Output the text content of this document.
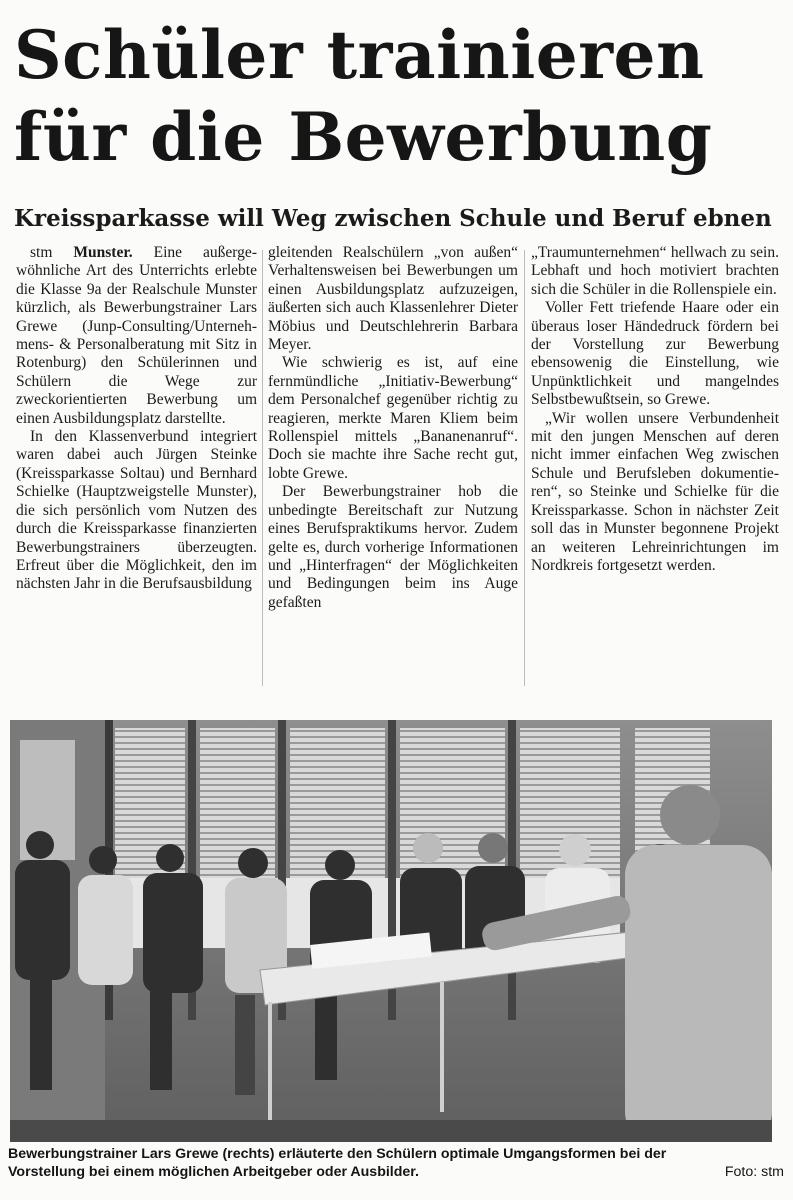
Schüler trainieren
für die Bewerbung
Kreissparkasse will Weg zwischen Schule und Beruf ebnen

stm Munster. Eine außergewöhnliche Art des Unterrichts erlebte die Klasse 9a der Realschule Munster kürzlich, als Bewerbungstrainer Lars Grewe (Junp-Consulting/Unternehmens- & Personalberatung mit Sitz in Rotenburg) den Schülerinnen und Schülern die Wege zur zweckorientierten Bewerbung um einen Ausbildungsplatz darstellte.

In den Klassenverbund integriert waren dabei auch Jürgen Steinke (Kreissparkasse Soltau) und Bernhard Schielke (Hauptzweigstelle Munster), die sich persönlich vom Nutzen des durch die Kreissparkasse finanzierten Bewerbungstrainers überzeugten. Erfreut über die Möglichkeit, den im nächsten Jahr in die Berufsausbildung

gleitenden Realschülern „von außen“ Verhaltensweisen bei Bewerbungen um einen Ausbildungsplatz aufzuzeigen, äußerten sich auch Klassenlehrer Dieter Möbius und Deutschlehrerin Barbara Meyer.

Wie schwierig es ist, auf eine fernmündliche „Initiativ-Bewerbung“ dem Personalchef gegenüber richtig zu reagieren, merkte Maren Kliem beim Rollenspiel mittels „Bananenanruf“. Doch sie machte ihre Sache recht gut, lobte Grewe.

Der Bewerbungstrainer hob die unbedingte Bereitschaft zur Nutzung eines Berufspraktikums hervor. Zudem gelte es, durch vorherige Informationen und „Hinterfragen“ der Möglichkeiten und Bedingungen beim ins Auge gefaßten

„Traumunternehmen“ hellwach zu sein. Lebhaft und hoch motiviert brachten sich die Schüler in die Rollenspiele ein.

Voller Fett triefende Haare oder ein überaus loser Händedruck fördern bei der Vorstellung zur Bewerbung ebensowenig die Einstellung, wie Unpünktlichkeit und mangelndes Selbstbewußtsein, so Grewe.

„Wir wollen unsere Verbundenheit mit den jungen Menschen auf deren nicht immer einfachen Weg zwischen Schule und Berufsleben dokumentieren“, so Steinke und Schielke für die Kreissparkasse. Schon in nächster Zeit soll das in Munster begonnene Projekt an weiteren Lehreinrichtungen im Nordkreis fortgesetzt werden.

Bewerbungstrainer Lars Grewe (rechts) erläuterte den Schülern optimale Umgangsformen bei der
Vorstellung bei einem möglichen Arbeitgeber oder Ausbilder.	Foto: stm
